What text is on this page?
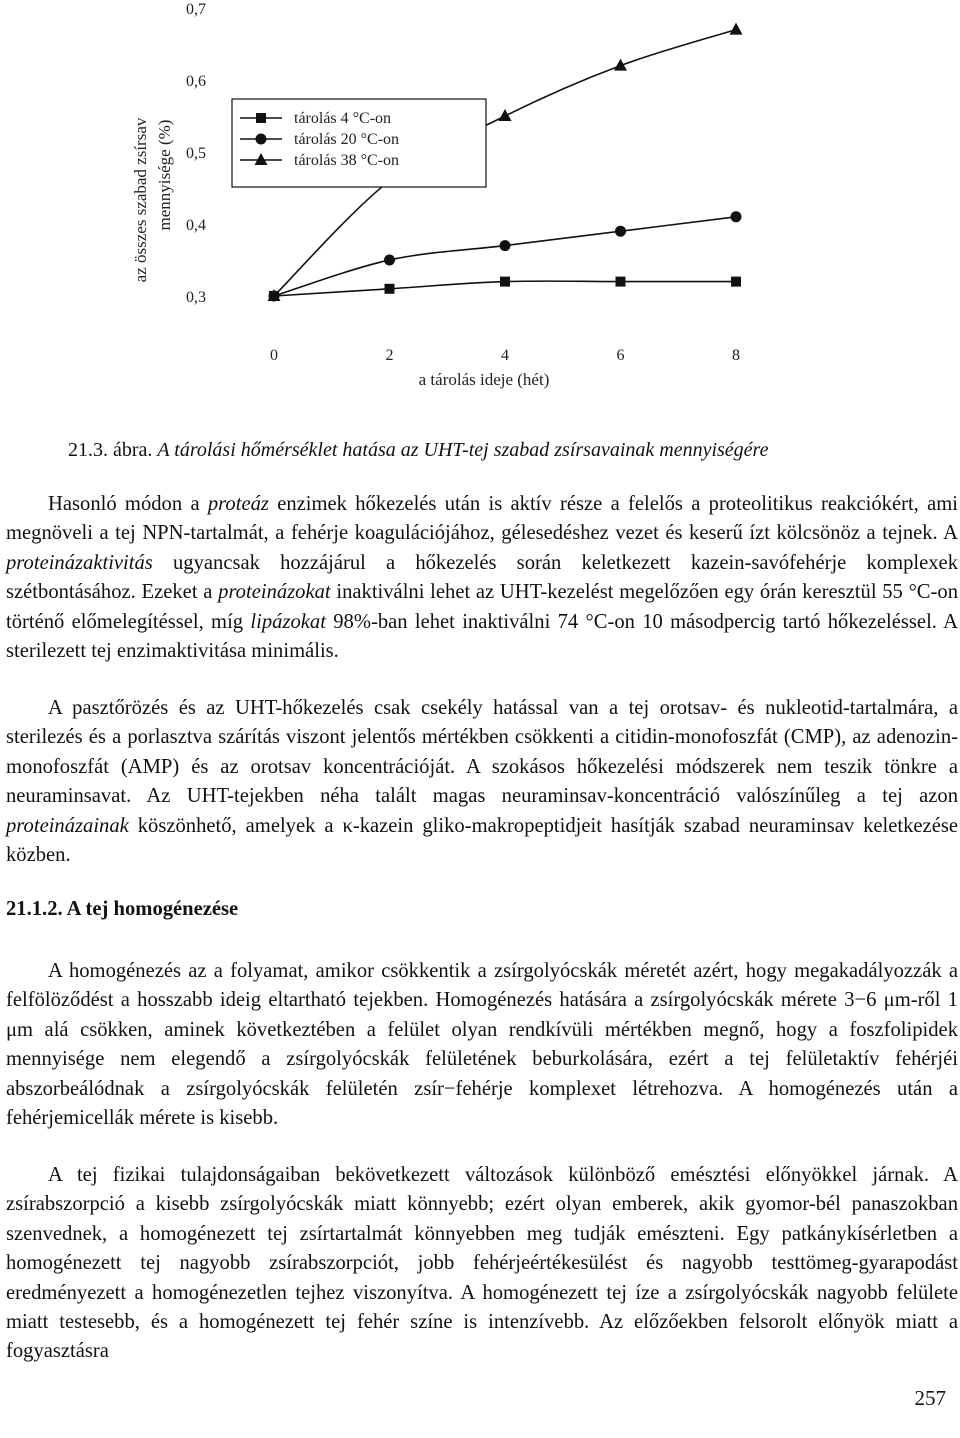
az összes szabad zsírsav mennyisége (%)
0,3
0,4
0,5
0,6
0,7
0	2	4	6	8
a tárolás ideje (hét)
tárolás 4 °C-on
tárolás 20 °C-on
tárolás 38 °C-on
21.3. ábra. A tárolási hőmérséklet hatása az UHT-tej szabad zsírsavainak mennyiségére

Hasonló módon a proteáz enzimek hőkezelés után is aktív része a felelős a proteolitikus reakciókért, ami megnöveli a tej NPN-tartalmát, a fehérje koagulációjához, gélesedéshez vezet és keserű ízt kölcsönöz a tejnek. A proteinázaktivitás ugyancsak hozzájárul a hőkezelés során keletkezett kazein-savófehérje komplexek szétbontásához. Ezeket a proteinázokat inaktiválni lehet az UHT-kezelést megelőzően egy órán keresztül 55 °C-on történő előmelegítéssel, míg lipázokat 98%-ban lehet inaktiválni 74 °C-on 10 másodpercig tartó hőkezeléssel. A sterilezett tej enzimaktivitása minimális.

A pasztőrözés és az UHT-hőkezelés csak csekély hatással van a tej orotsav- és nukleotid-tartalmára, a sterilezés és a porlasztva szárítás viszont jelentős mértékben csökkenti a citidin-monofoszfát (CMP), az adenozin-monofoszfát (AMP) és az orotsav koncentrációját. A szokásos hőkezelési módszerek nem teszik tönkre a neuraminsavat. Az UHT-tejekben néha talált magas neuraminsav-koncentráció valószínűleg a tej azon proteinázainak köszönhető, amelyek a κ-kazein gliko-makropeptidjeit hasítják szabad neuraminsav keletkezése közben.

21.1.2. A tej homogénezése

A homogénezés az a folyamat, amikor csökkentik a zsírgolyócskák méretét azért, hogy megakadályozzák a felfölöződést a hosszabb ideig eltartható tejekben. Homogénezés hatására a zsírgolyócskák mérete 3−6 μm-ről 1 μm alá csökken, aminek következtében a felület olyan rendkívüli mértékben megnő, hogy a foszfolipidek mennyisége nem elegendő a zsírgolyócskák felületének beburkolására, ezért a tej felületaktív fehérjéi abszorbeálódnak a zsírgolyócskák felületén zsír−fehérje komplexet létrehozva. A homogénezés után a fehérjemicellák mérete is kisebb.

A tej fizikai tulajdonságaiban bekövetkezett változások különböző emésztési előnyökkel járnak. A zsírabszorpció a kisebb zsírgolyócskák miatt könnyebb; ezért olyan emberek, akik gyomor-bél panaszokban szenvednek, a homogénezett tej zsírtartalmát könnyebben meg tudják emészteni. Egy patkánykísérletben a homogénezett tej nagyobb zsírabszorpciót, jobb fehérjeértékesülést és nagyobb testtömeg-gyarapodást eredményezett a homogénezetlen tejhez viszonyítva. A homogénezett tej íze a zsírgolyócskák nagyobb felülete miatt testesebb, és a homogénezett tej fehér színe is intenzívebb. Az előzőekben felsorolt előnyök miatt a fogyasztásra

257
